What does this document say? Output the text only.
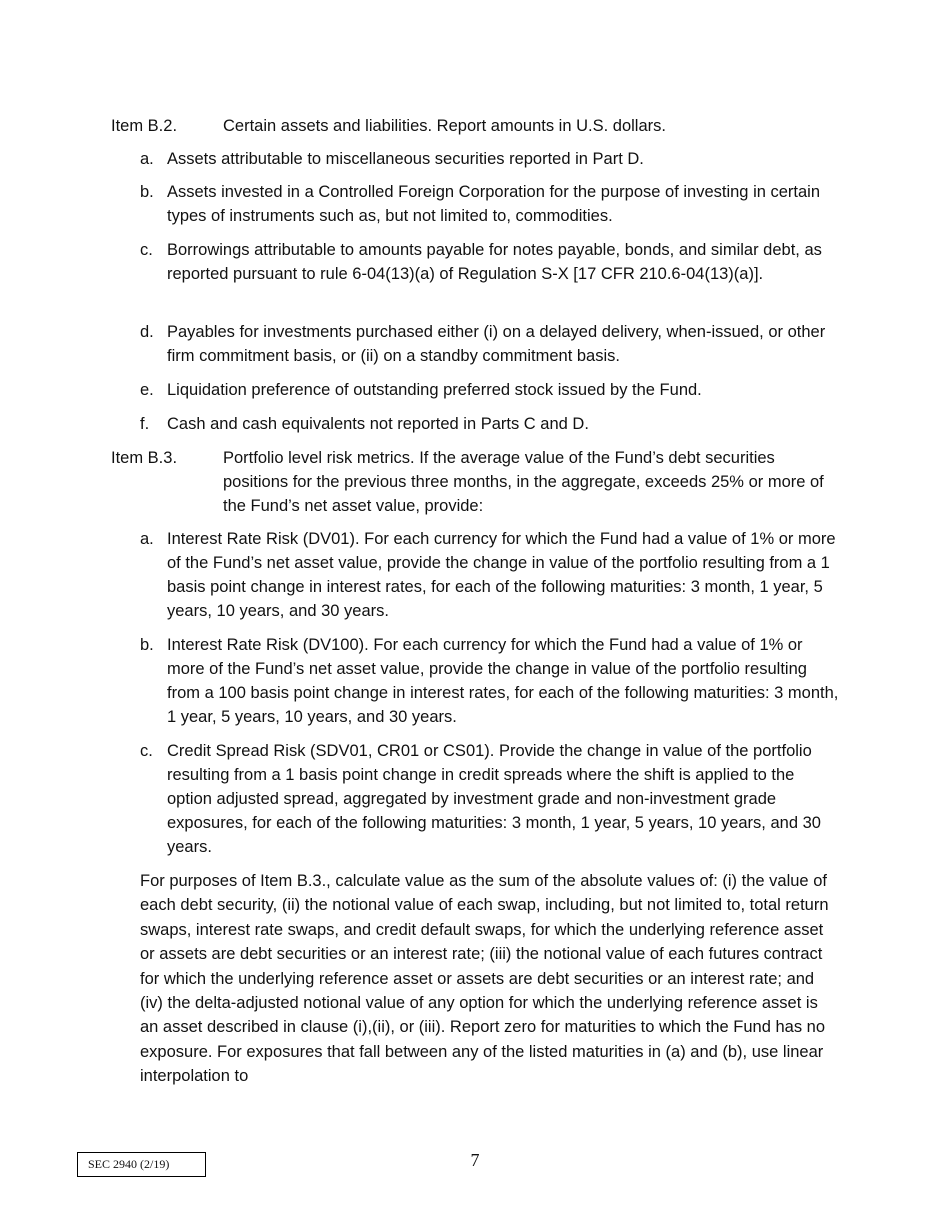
Item B.2.	Certain assets and liabilities. Report amounts in U.S. dollars.
a. Assets attributable to miscellaneous securities reported in Part D.
b. Assets invested in a Controlled Foreign Corporation for the purpose of investing in certain types of instruments such as, but not limited to, commodities.
c. Borrowings attributable to amounts payable for notes payable, bonds, and similar debt, as reported pursuant to rule 6-04(13)(a) of Regulation S-X [17 CFR 210.6-04(13)(a)].
d. Payables for investments purchased either (i) on a delayed delivery, when-issued, or other firm commitment basis, or (ii) on a standby commitment basis.
e. Liquidation preference of outstanding preferred stock issued by the Fund.
f.	Cash and cash equivalents not reported in Parts C and D.
Item B.3.	Portfolio level risk metrics. If the average value of the Fund’s debt securities positions for the previous three months, in the aggregate, exceeds 25% or more of the Fund’s net asset value, provide:
a. Interest Rate Risk (DV01). For each currency for which the Fund had a value of 1% or more of the Fund’s net asset value, provide the change in value of the portfolio resulting from a 1 basis point change in interest rates, for each of the following maturities: 3 month, 1 year, 5 years, 10 years, and 30 years.
b. Interest Rate Risk (DV100). For each currency for which the Fund had a value of 1% or more of the Fund’s net asset value, provide the change in value of the portfolio resulting from a 100 basis point change in interest rates, for each of the following maturities: 3 month, 1 year, 5 years, 10 years, and 30 years.
c. Credit Spread Risk (SDV01, CR01 or CS01). Provide the change in value of the portfolio resulting from a 1 basis point change in credit spreads where the shift is applied to the option adjusted spread, aggregated by investment grade and non-investment grade exposures, for each of the following maturities: 3 month, 1 year, 5 years, 10 years, and 30 years.
For purposes of Item B.3., calculate value as the sum of the absolute values of: (i) the value of each debt security, (ii) the notional value of each swap, including, but not limited to, total return swaps, interest rate swaps, and credit default swaps, for which the underlying reference asset or assets are debt securities or an interest rate; (iii) the notional value of each futures contract for which the underlying reference asset or assets are debt securities or an interest rate; and (iv) the delta-adjusted notional value of any option for which the underlying reference asset is an asset described in clause (i),(ii), or (iii). Report zero for maturities to which the Fund has no exposure. For exposures that fall between any of the listed maturities in (a) and (b), use linear interpolation to
SEC 2940 (2/19)	7
